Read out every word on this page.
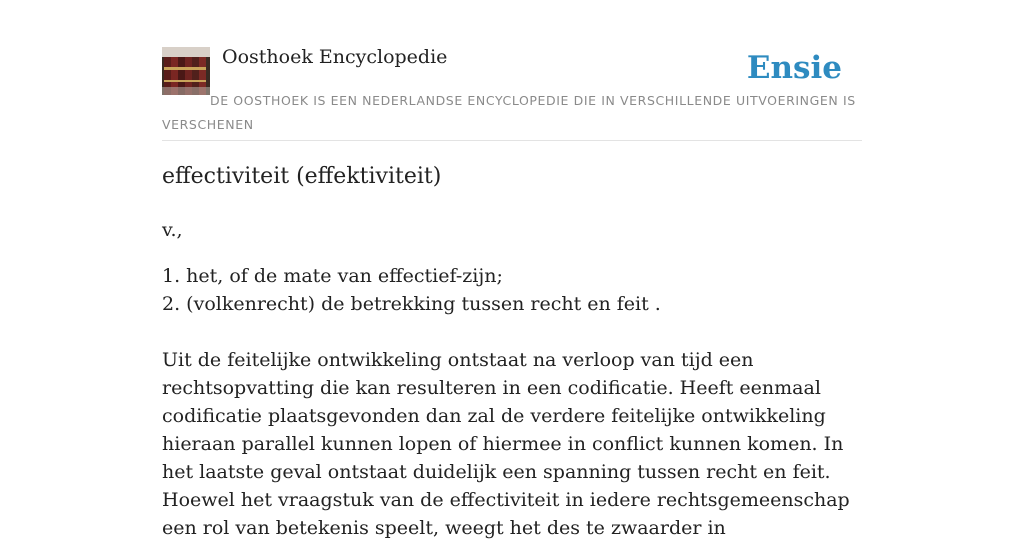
Oosthoek Encyclopedie	Ensie
DE OOSTHOEK IS EEN NEDERLANDSE ENCYCLOPEDIE DIE IN VERSCHILLENDE UITVOERINGEN IS VERSCHENEN
effectiviteit (effektiviteit)

v.,

1. het, of de mate van effectief-zijn;
2. (volkenrecht) de betrekking tussen recht en feit .

Uit de feitelijke ontwikkeling ontstaat na verloop van tijd een rechtsopvatting die kan resulteren in een codificatie. Heeft eenmaal codificatie plaatsgevonden dan zal de verdere feitelijke ontwikkeling hieraan parallel kunnen lopen of hiermee in conflict kunnen komen. In het laatste geval ontstaat duidelijk een spanning tussen recht en feit. Hoewel het vraagstuk van de effectiviteit in iedere rechtsgemeenschap een rol van betekenis speelt, weegt het des te zwaarder in
